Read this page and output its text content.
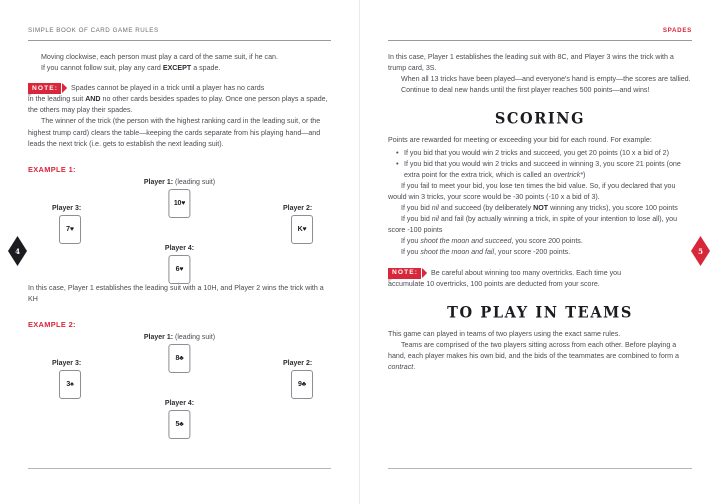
SIMPLE BOOK OF CARD GAME RULES

Moving clockwise, each person must play a card of the same suit, if he can.

If you cannot follow suit, play any card EXCEPT a spade.

NOTE:	Spades cannot be played in a trick until a player has no cards

in the leading suit AND no other cards besides spades to play. Once one person plays a spade, the others may play their spades.

The winner of the trick (the person with the highest ranking card in the leading suit, or the highest trump card) clears the table—keeping the cards separate from his playing hand—and leads the next trick (i.e. gets to establish the next leading suit).

EXAMPLE 1:
Player 1: (leading suit)
10♥
Player 3:
7♥
Player 2:
K♥
Player 4:
6♥

In this case, Player 1 establishes the leading suit with a 10H, and Player 2 wins the trick with a KH

EXAMPLE 2:
Player 1: (leading suit)
8♣
Player 3:
3♠
Player 2:
9♣
Player 4:
5♣
4
SPADES

In this case, Player 1 establishes the leading suit with 8C, and Player 3 wins the trick with a trump card, 3S.

When all 13 tricks have been played—and everyone's hand is empty—the scores are tallied.

Continue to deal new hands until the first player reaches 500 points—and wins!

SCORING

Points are rewarded for meeting or exceeding your bid for each round. For example:

• If you bid that you would win 2 tricks and succeed, you get 20 points (10 x a bid of 2)
• If you bid that you would win 2 tricks and succeed in winning 3, you score 21 points (one extra point for the extra trick, which is called an overtrick*)

If you fail to meet your bid, you lose ten times the bid value. So, if you declared that you would win 3 tricks, your score would be -30 points (-10 x a bid of 3).

If you bid nil and succeed (by deliberately NOT winning any tricks), you score 100 points

If you bid nil and fail (by actually winning a trick, in spite of your intention to lose all), you score -100 points

If you shoot the moon and succeed, you score 200 points.

If you shoot the moon and fail, your score -200 points.

NOTE:	Be careful about winning too many overtricks. Each time you

accumulate 10 overtricks, 100 points are deducted from your score.

TO PLAY IN TEAMS

This game can played in teams of two players using the exact same rules.

Teams are comprised of the two players sitting across from each other. Before playing a hand, each player makes his own bid, and the bids of the teammates are combined to form a contract.

5
